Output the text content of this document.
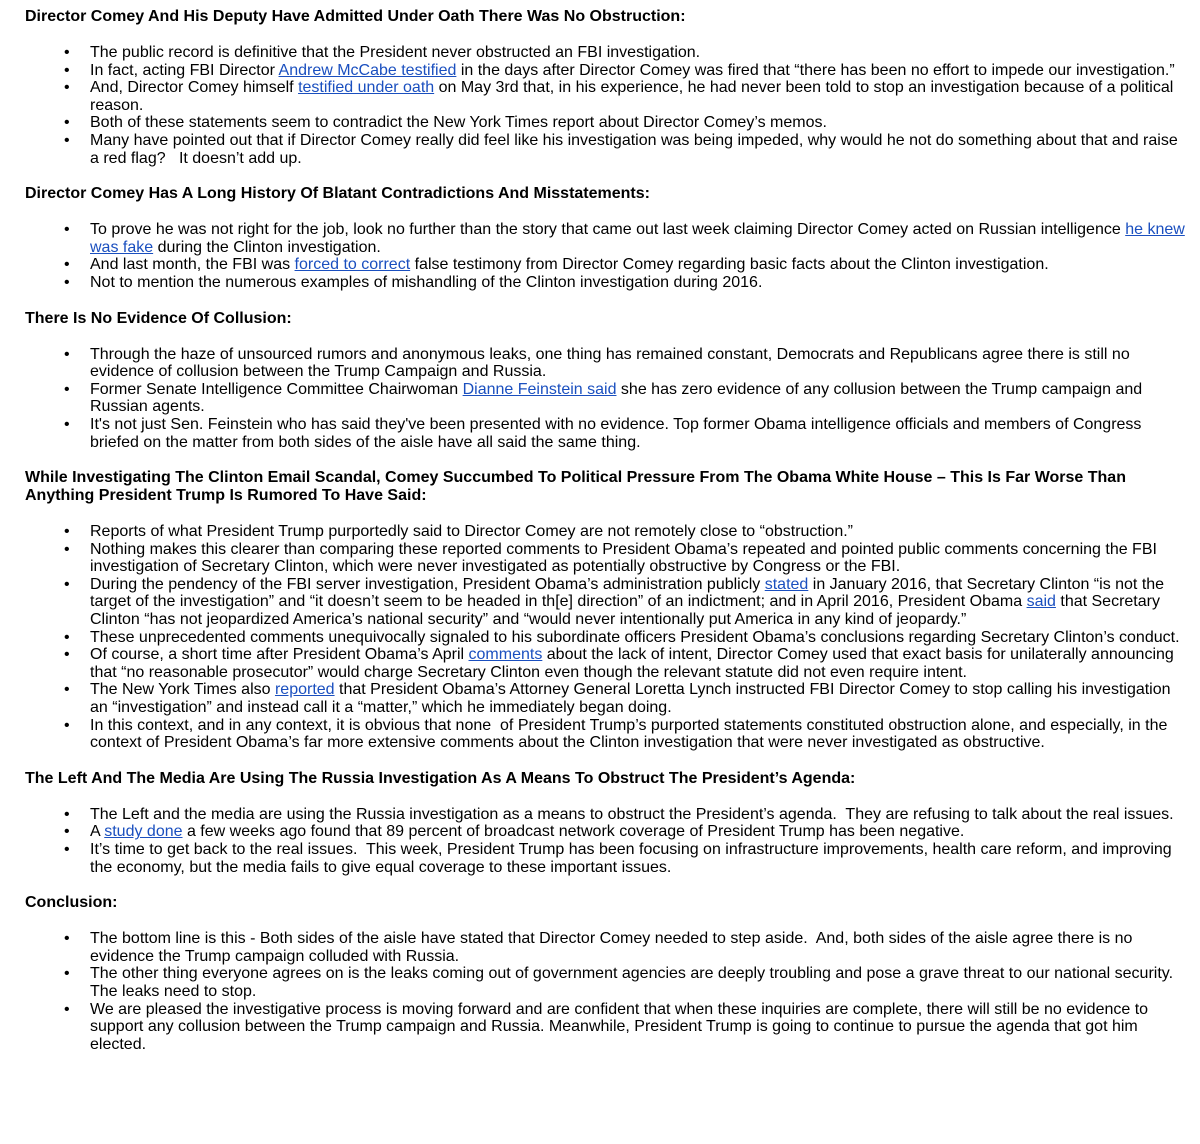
Director Comey And His Deputy Have Admitted Under Oath There Was No Obstruction:
• The public record is definitive that the President never obstructed an FBI investigation.
• In fact, acting FBI Director Andrew McCabe testified in the days after Director Comey was fired that “there has been no effort to impede our investigation.”
• And, Director Comey himself testified under oath on May 3rd that, in his experience, he had never been told to stop an investigation because of a political reason.
• Both of these statements seem to contradict the New York Times report about Director Comey’s memos.
• Many have pointed out that if Director Comey really did feel like his investigation was being impeded, why would he not do something about that and raise a red flag?   It doesn’t add up.
Director Comey Has A Long History Of Blatant Contradictions And Misstatements:
• To prove he was not right for the job, look no further than the story that came out last week claiming Director Comey acted on Russian intelligence he knew was fake during the Clinton investigation.
• And last month, the FBI was forced to correct false testimony from Director Comey regarding basic facts about the Clinton investigation.
• Not to mention the numerous examples of mishandling of the Clinton investigation during 2016.
There Is No Evidence Of Collusion:
• Through the haze of unsourced rumors and anonymous leaks, one thing has remained constant, Democrats and Republicans agree there is still no evidence of collusion between the Trump Campaign and Russia.
• Former Senate Intelligence Committee Chairwoman Dianne Feinstein said she has zero evidence of any collusion between the Trump campaign and Russian agents.
• It's not just Sen. Feinstein who has said they've been presented with no evidence. Top former Obama intelligence officials and members of Congress briefed on the matter from both sides of the aisle have all said the same thing.
While Investigating The Clinton Email Scandal, Comey Succumbed To Political Pressure From The Obama White House – This Is Far Worse Than Anything President Trump Is Rumored To Have Said:
• Reports of what President Trump purportedly said to Director Comey are not remotely close to “obstruction.”
• Nothing makes this clearer than comparing these reported comments to President Obama’s repeated and pointed public comments concerning the FBI investigation of Secretary Clinton, which were never investigated as potentially obstructive by Congress or the FBI.
• During the pendency of the FBI server investigation, President Obama’s administration publicly stated in January 2016, that Secretary Clinton “is not the target of the investigation” and “it doesn’t seem to be headed in th[e] direction” of an indictment; and in April 2016, President Obama said that Secretary Clinton “has not jeopardized America’s national security” and “would never intentionally put America in any kind of jeopardy.”
• These unprecedented comments unequivocally signaled to his subordinate officers President Obama’s conclusions regarding Secretary Clinton’s conduct.
• Of course, a short time after President Obama’s April comments about the lack of intent, Director Comey used that exact basis for unilaterally announcing that “no reasonable prosecutor” would charge Secretary Clinton even though the relevant statute did not even require intent.
• The New York Times also reported that President Obama’s Attorney General Loretta Lynch instructed FBI Director Comey to stop calling his investigation an “investigation” and instead call it a “matter,” which he immediately began doing.
• In this context, and in any context, it is obvious that none  of President Trump’s purported statements constituted obstruction alone, and especially, in the context of President Obama’s far more extensive comments about the Clinton investigation that were never investigated as obstructive.
The Left And The Media Are Using The Russia Investigation As A Means To Obstruct The President’s Agenda:
• The Left and the media are using the Russia investigation as a means to obstruct the President’s agenda.  They are refusing to talk about the real issues.
• A study done a few weeks ago found that 89 percent of broadcast network coverage of President Trump has been negative.
• It’s time to get back to the real issues.  This week, President Trump has been focusing on infrastructure improvements, health care reform, and improving the economy, but the media fails to give equal coverage to these important issues.
Conclusion:
• The bottom line is this - Both sides of the aisle have stated that Director Comey needed to step aside.  And, both sides of the aisle agree there is no evidence the Trump campaign colluded with Russia.
• The other thing everyone agrees on is the leaks coming out of government agencies are deeply troubling and pose a grave threat to our national security. The leaks need to stop.
• We are pleased the investigative process is moving forward and are confident that when these inquiries are complete, there will still be no evidence to support any collusion between the Trump campaign and Russia. Meanwhile, President Trump is going to continue to pursue the agenda that got him elected.
